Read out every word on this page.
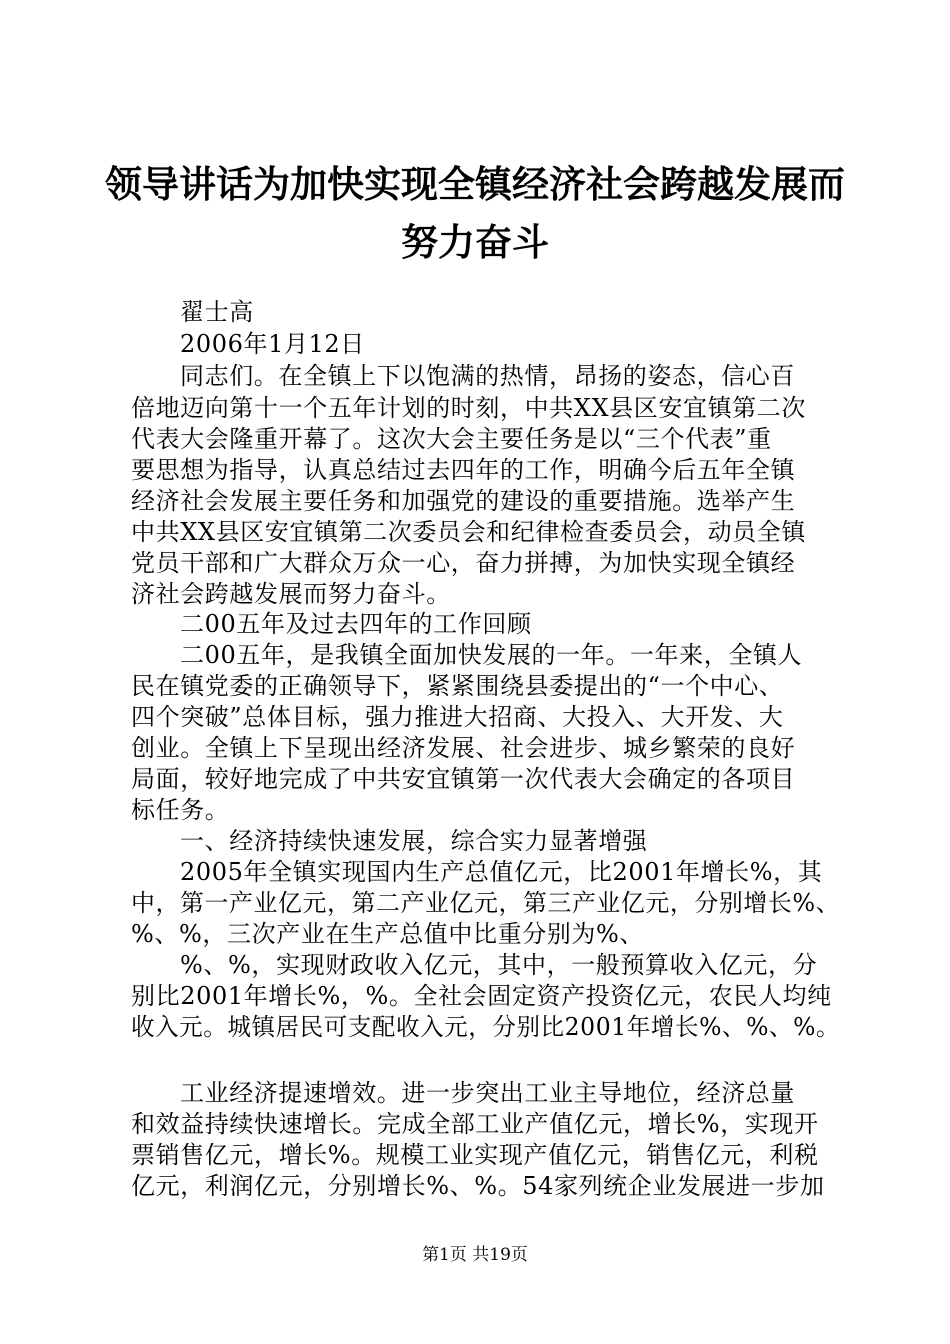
领导讲话为加快实现全镇经济社会跨越发展而
努力奋斗
翟士高
2006年1月12日
同志们。在全镇上下以饱满的热情，昂扬的姿态，信心百
倍地迈向第十一个五年计划的时刻，中共XX县区安宜镇第二次
代表大会隆重开幕了。这次大会主要任务是以“三个代表”重
要思想为指导，认真总结过去四年的工作，明确今后五年全镇
经济社会发展主要任务和加强党的建设的重要措施。选举产生
中共XX县区安宜镇第二次委员会和纪律检查委员会，动员全镇
党员干部和广大群众万众一心，奋力拼搏，为加快实现全镇经
济社会跨越发展而努力奋斗。
二00五年及过去四年的工作回顾
二00五年，是我镇全面加快发展的一年。一年来，全镇人
民在镇党委的正确领导下，紧紧围绕县委提出的“一个中心、
四个突破”总体目标，强力推进大招商、大投入、大开发、大
创业。全镇上下呈现出经济发展、社会进步、城乡繁荣的良好
局面，较好地完成了中共安宜镇第一次代表大会确定的各项目
标任务。
一、经济持续快速发展，综合实力显著增强
2005年全镇实现国内生产总值亿元，比2001年增长%，其
中，第一产业亿元，第二产业亿元，第三产业亿元，分别增长%、
%、%，三次产业在生产总值中比重分别为%、
%、%，实现财政收入亿元，其中，一般预算收入亿元，分
别比2001年增长%，%。全社会固定资产投资亿元，农民人均纯
收入元。城镇居民可支配收入元，分别比2001年增长%、%、%。
工业经济提速增效。进一步突出工业主导地位，经济总量
和效益持续快速增长。完成全部工业产值亿元，增长%，实现开
票销售亿元，增长%。规模工业实现产值亿元，销售亿元，利税
亿元，利润亿元，分别增长%、%。54家列统企业发展进一步加
第1页 共19页
